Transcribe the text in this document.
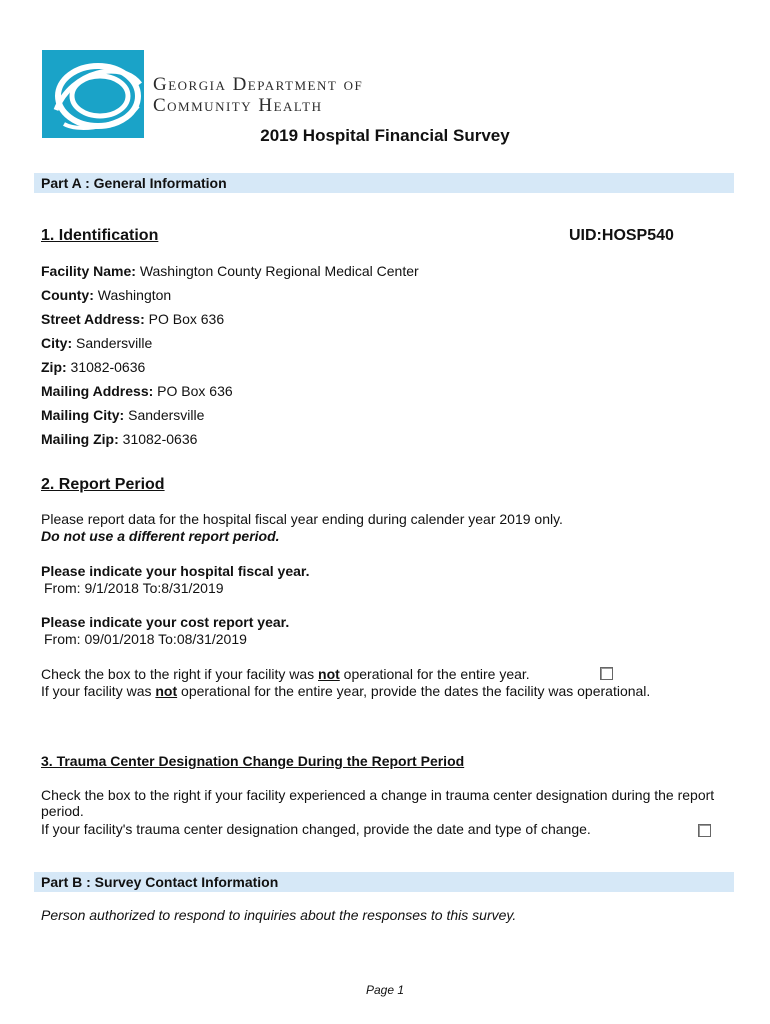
Georgia Department of
Community Health
2019 Hospital Financial Survey
Part A : General Information
1. Identification	UID:HOSP540
Facility Name: Washington County Regional Medical Center
County: Washington
Street Address: PO Box 636
City: Sandersville
Zip: 31082-0636
Mailing Address: PO Box 636
Mailing City: Sandersville
Mailing Zip: 31082-0636
2. Report Period
Please report data for the hospital fiscal year ending during calender year 2019 only.
Do not use a different report period.
Please indicate your hospital fiscal year.
From: 9/1/2018 To:8/31/2019
Please indicate your cost report year.
From: 09/01/2018 To:08/31/2019
Check the box to the right if your facility was not operational for the entire year.
If your facility was not operational for the entire year, provide the dates the facility was operational.
3. Trauma Center Designation Change During the Report Period
Check the box to the right if your facility experienced a change in trauma center designation during the report period.
If your facility's trauma center designation changed, provide the date and type of change.
Part B : Survey Contact Information
Person authorized to respond to inquiries about the responses to this survey.
Page 1
